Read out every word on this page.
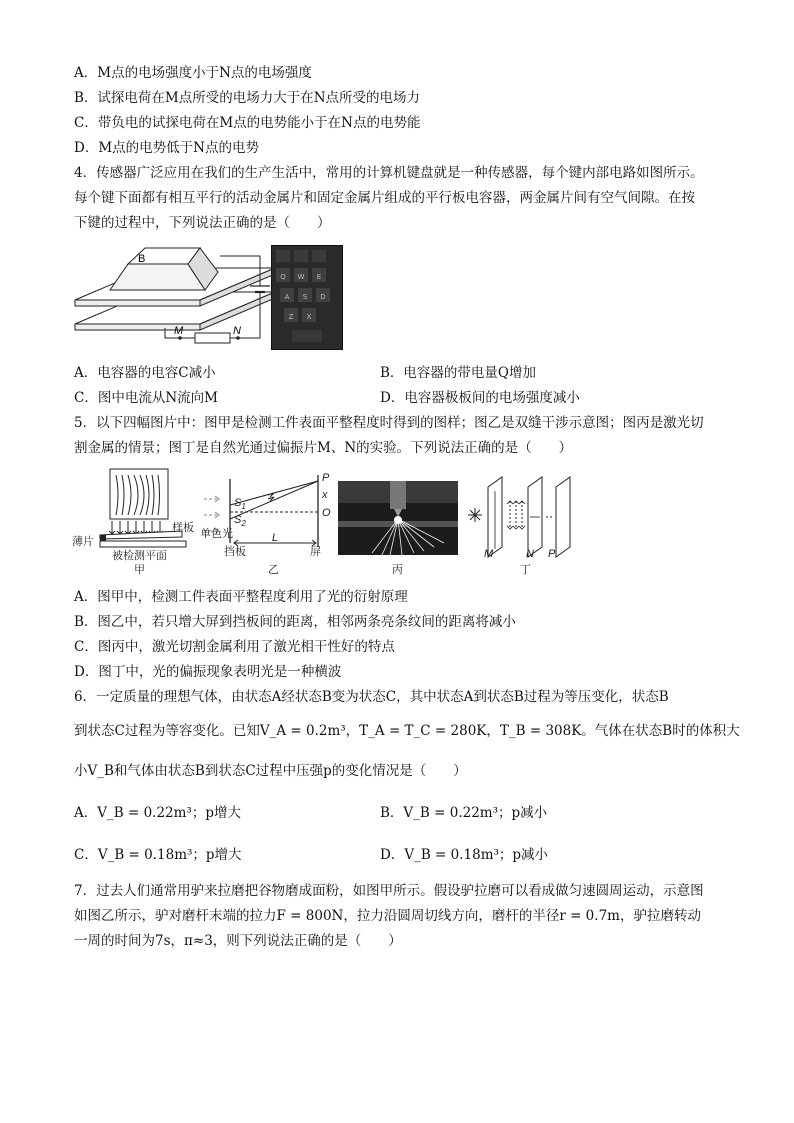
A．M点的电场强度小于N点的电场强度
B．试探电荷在M点所受的电场力大于在N点所受的电场力
C．带负电的试探电荷在M点的电势能小于在N点的电势能
D．M点的电势低于N点的电势
4．传感器广泛应用在我们的生产生活中，常用的计算机键盘就是一种传感器，每个键内部电路如图所示。
每个键下面都有相互平行的活动金属片和固定金属片组成的平行板电容器，两金属片间有空气间隙。在按
下键的过程中，下列说法正确的是（　　）
B
M	N
Q W E
A S D
Z X
A．电容器的电容C减小	B．电容器的带电量Q增加
C．图中电流从N流向M	D．电容器极板间的电场强度减小
5．以下四幅图片中：图甲是检测工件表面平整程度时得到的图样；图乙是双缝干涉示意图；图丙是激光切
割金属的情景；图丁是自然光通过偏振片M、N的实验。下列说法正确的是（　　）
薄片
样板
被检测平面
甲
$S_1$
$S_2$
P
x
O
单色光	L
挡板	屏
乙	丙
M	N P
丁
A．图甲中，检测工件表面平整程度利用了光的衍射原理
B．图乙中，若只增大屏到挡板间的距离，相邻两条亮条纹间的距离将减小
C．图丙中，激光切割金属利用了激光相干性好的特点
D．图丁中，光的偏振现象表明光是一种横波
6．一定质量的理想气体，由状态A经状态B变为状态C，其中状态A到状态B过程为等压变化，状态B
到状态C过程为等容变化。已知V_A = 0.2m³，T_A = T_C = 280K，T_B = 308K。气体在状态B时的体积大
小V_B和气体由状态B到状态C过程中压强p的变化情况是（　　）
A．V_B = 0.22m³；p增大	B．V_B = 0.22m³；p减小
C．V_B = 0.18m³；p增大	D．V_B = 0.18m³；p减小
7．过去人们通常用驴来拉磨把谷物磨成面粉，如图甲所示。假设驴拉磨可以看成做匀速圆周运动，示意图
如图乙所示，驴对磨杆末端的拉力F = 800N，拉力沿圆周切线方向，磨杆的半径r = 0.7m，驴拉磨转动
一周的时间为7s，π≈3，则下列说法正确的是（　　）
